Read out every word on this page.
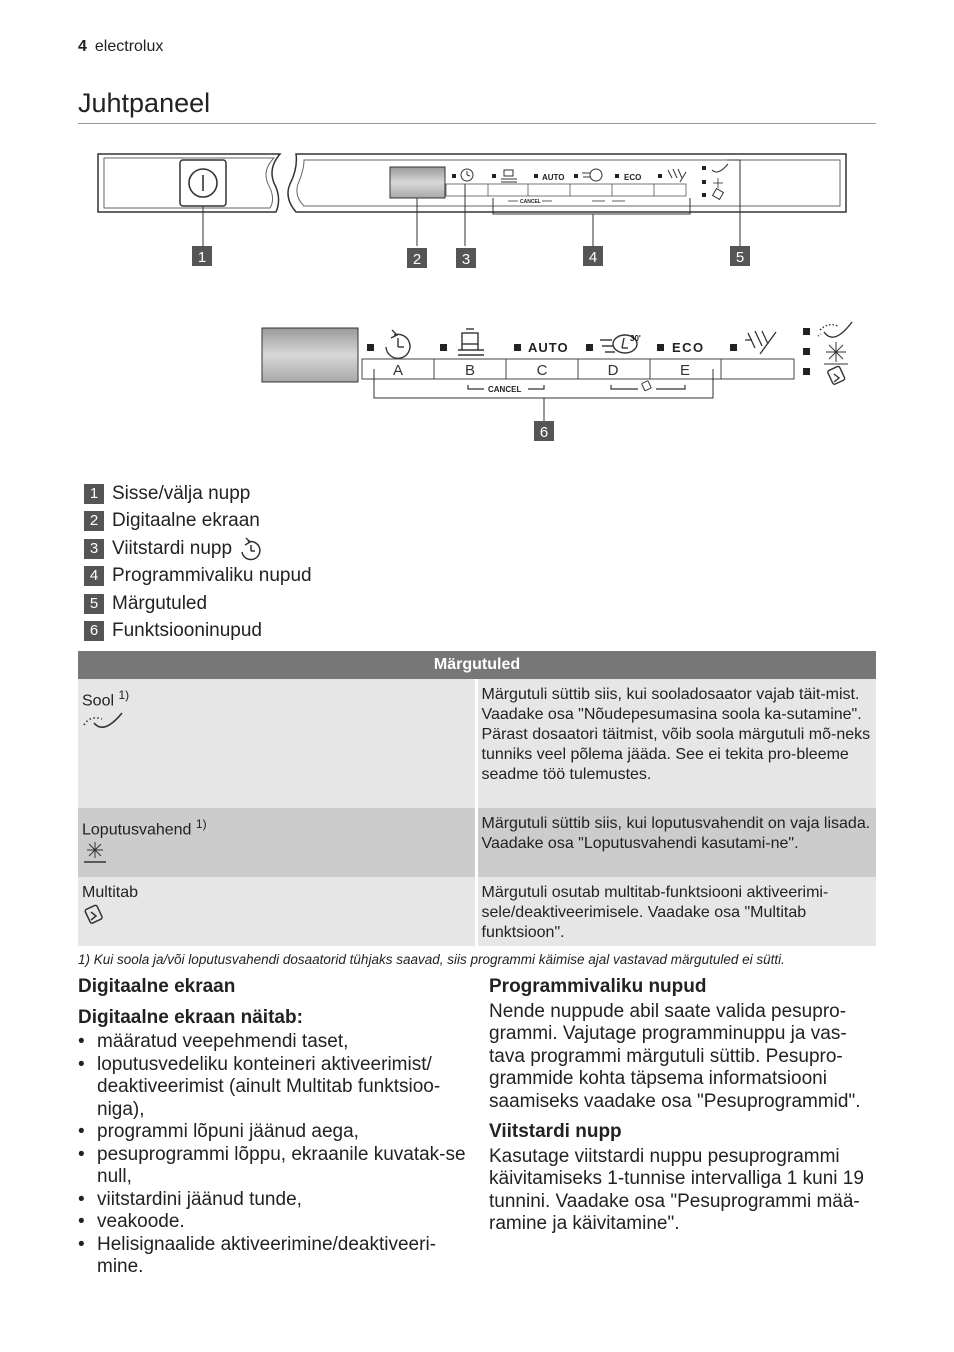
4 electrolux
Juhtpaneel
AUTO	ECO
CANCEL
1	2	3	4	5
AUTO
30'
ECO
A	B	C	D	E
CANCEL
6
1 Sisse/välja nupp
2 Digitaalne ekraan
3 Viitstardi nupp
4 Programmivaliku nupud
5 Märgutuled
6 Funktsiooninupud
Märgutuled	
Sool $^{1)}$	Märgutuli süttib siis, kui sooladosaator vajab täit-mist. Vaadake osa "Nõudepesumasina soola ka-sutamine".
Pärast dosaatori täitmist, võib soola märgutuli mõ-neks tunniks veel põlema jääda. See ei tekita pro-bleeme seadme töö tulemustes.

Loputusvahend $^{1)}$	Märgutuli süttib siis, kui loputusvahendit on vaja lisada. Vaadake osa "Loputusvahendi kasutami-ne".

Multitab	Märgutuli osutab multitab-funktsiooni aktiveerimi-sele/deaktiveerimisele. Vaadake osa "Multitab funktsioon".
1) Kui soola ja/või loputusvahendi dosaatorid tühjaks saavad, siis programmi käimise ajal vastavad märgutuled ei sütti.
Digitaalne ekraan
Digitaalne ekraan näitab:
• määratud veepehmendi taset,
• loputusvedeliku konteineri aktiveerimist/ deaktiveerimist (ainult Multitab funktsioo-niga),
• programmi lõpuni jäänud aega,
• pesuprogrammi lõppu, ekraanile kuvatak-se null,
• viitstardini jäänud tunde,
• veakoode.
• Helisignaalide aktiveerimine/deaktiveeri-mine.
Programmivaliku nupud

Nende nuppude abil saate valida pesupro-grammi. Vajutage programminuppu ja vas-tava programmi märgutuli süttib. Pesupro-grammide kohta täpsema informatsiooni saamiseks vaadake osa "Pesuprogrammid".

Viitstardi nupp

Kasutage viitstardi nuppu pesuprogrammi käivitamiseks 1-tunnise intervalliga 1 kuni 19 tunnini. Vaadake osa "Pesuprogrammi mää-ramine ja käivitamine".
